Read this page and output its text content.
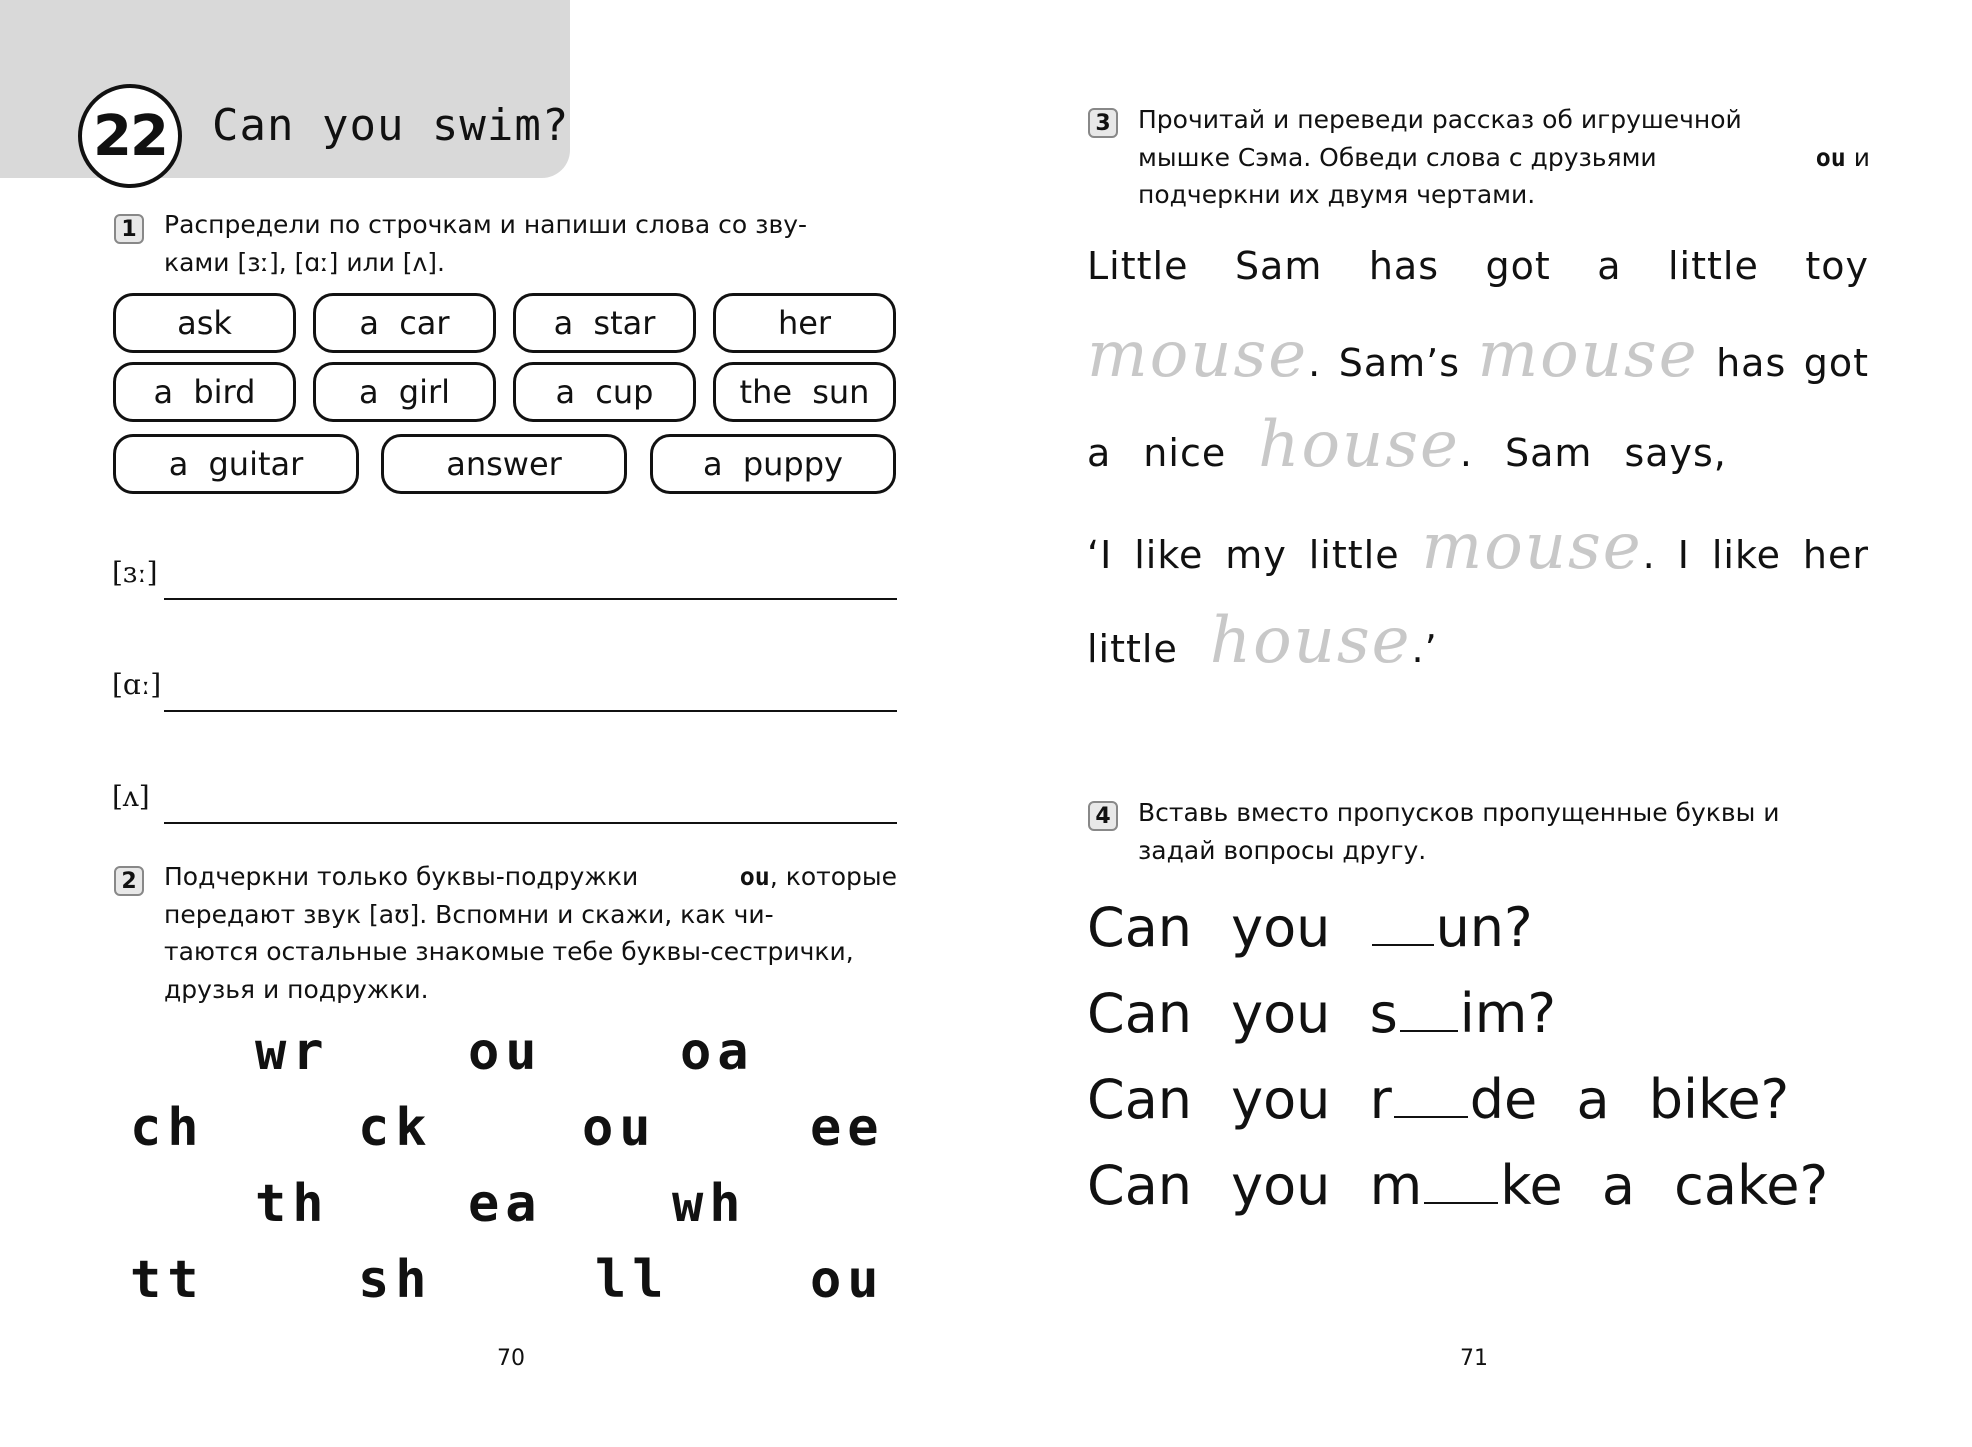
22	Can you swim?
1 Распредели по строчкам и напиши слова со зву-
ками [ɜː], [ɑː] или [ʌ].
ask	a car	a star	her
a bird	a girl	a cup	the sun
a guitar	answer	a puppy
[ɜː]
[ɑː]
[ʌ]
2 Подчеркни только буквы-подружки	ou, которые
передают звук [aʊ]. Вспомни и скажи, как чи-
таются остальные знакомые тебе буквы-сестрички,
друзья и подружки.
wr	ou	oa
ch	ck	ou	ee
th	ea wh
tt	sh	ll	ou
70
3 Прочитай и переведи рассказ об игрушечной
мышке Сэма. Обведи слова с друзьями	ou и
подчеркни их двумя чертами.
Little Sam has got a little toy
mouse. Sam’s mouse has got
a nice house. Sam says,
‘I like my little mouse. I like her
little house.’
4 Вставь вместо пропусков пропущенные буквы и
задай вопросы другу.
Can you un?
Can you s im?
Can you r de a bike?
Can you m ke a cake?
71
